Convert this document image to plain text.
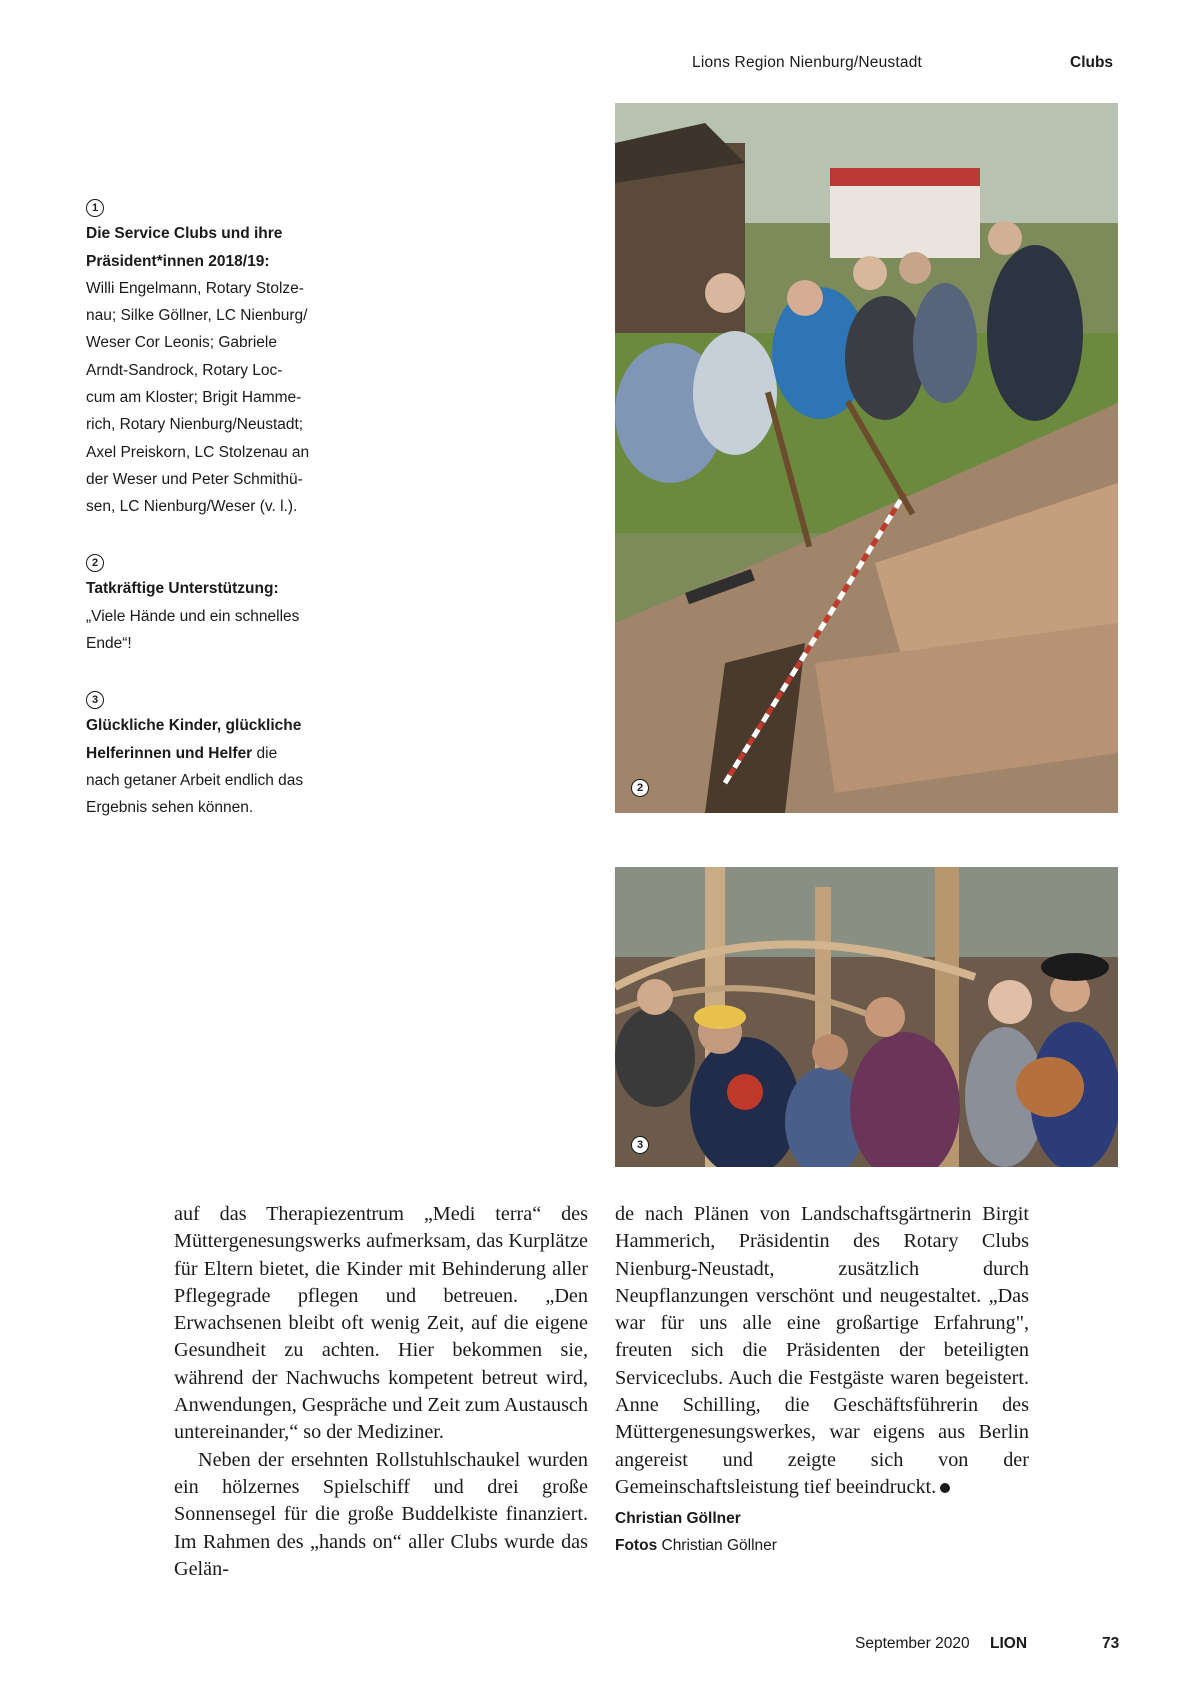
Lions Region Nienburg/Neustadt	Clubs
1
Die Service Clubs und ihre Präsident*innen 2018/19:
Willi Engelmann, Rotary Stolze-
nau; Silke Göllner, LC Nienburg/
Weser Cor Leonis; Gabriele
Arndt-Sandrock, Rotary Loc-
cum am Kloster; Brigit Hamme-
rich, Rotary Nienburg/Neustadt;
Axel Preiskorn, LC Stolzenau an
der Weser und Peter Schmithü-
sen, LC Nienburg/Weser (v. l.).
2
Tatkräftige Unterstützung:
„Viele Hände und ein schnelles
Ende“!
3
Glückliche Kinder, glückliche
Helferinnen und Helfer die
nach getaner Arbeit endlich das
Ergebnis sehen können.
2
3

auf das Therapiezentrum „Medi terra“ des Müttergenesungswerks aufmerksam, das Kurplätze für Eltern bietet, die Kinder mit Behinderung aller Pflegegrade pflegen und betreuen. „Den Erwachsenen bleibt oft wenig Zeit, auf die eigene Gesundheit zu achten. Hier bekommen sie, während der Nachwuchs kompetent betreut wird, Anwendungen, Gespräche und Zeit zum Austausch untereinander,“ so der Mediziner.

Neben der ersehnten Rollstuhlschaukel wurden ein hölzernes Spielschiff und drei große Sonnensegel für die große Buddelkiste finanziert. Im Rahmen des „hands on“ aller Clubs wurde das Gelän-

de nach Plänen von Landschaftsgärtnerin Birgit Hammerich, Präsidentin des Rotary Clubs Nienburg-Neustadt, zusätzlich durch Neupflanzungen verschönt und neugestaltet. „Das war für uns alle eine großartige Erfahrung", freuten sich die Präsidenten der beteiligten Serviceclubs. Auch die Festgäste waren begeistert. Anne Schilling, die Geschäftsführerin des Müttergenesungswerkes, war eigens aus Berlin angereist und zeigte sich von der Gemeinschaftsleistung tief beeindruckt.

Christian Göllner
Fotos Christian Göllner
September 2020 LION	73
